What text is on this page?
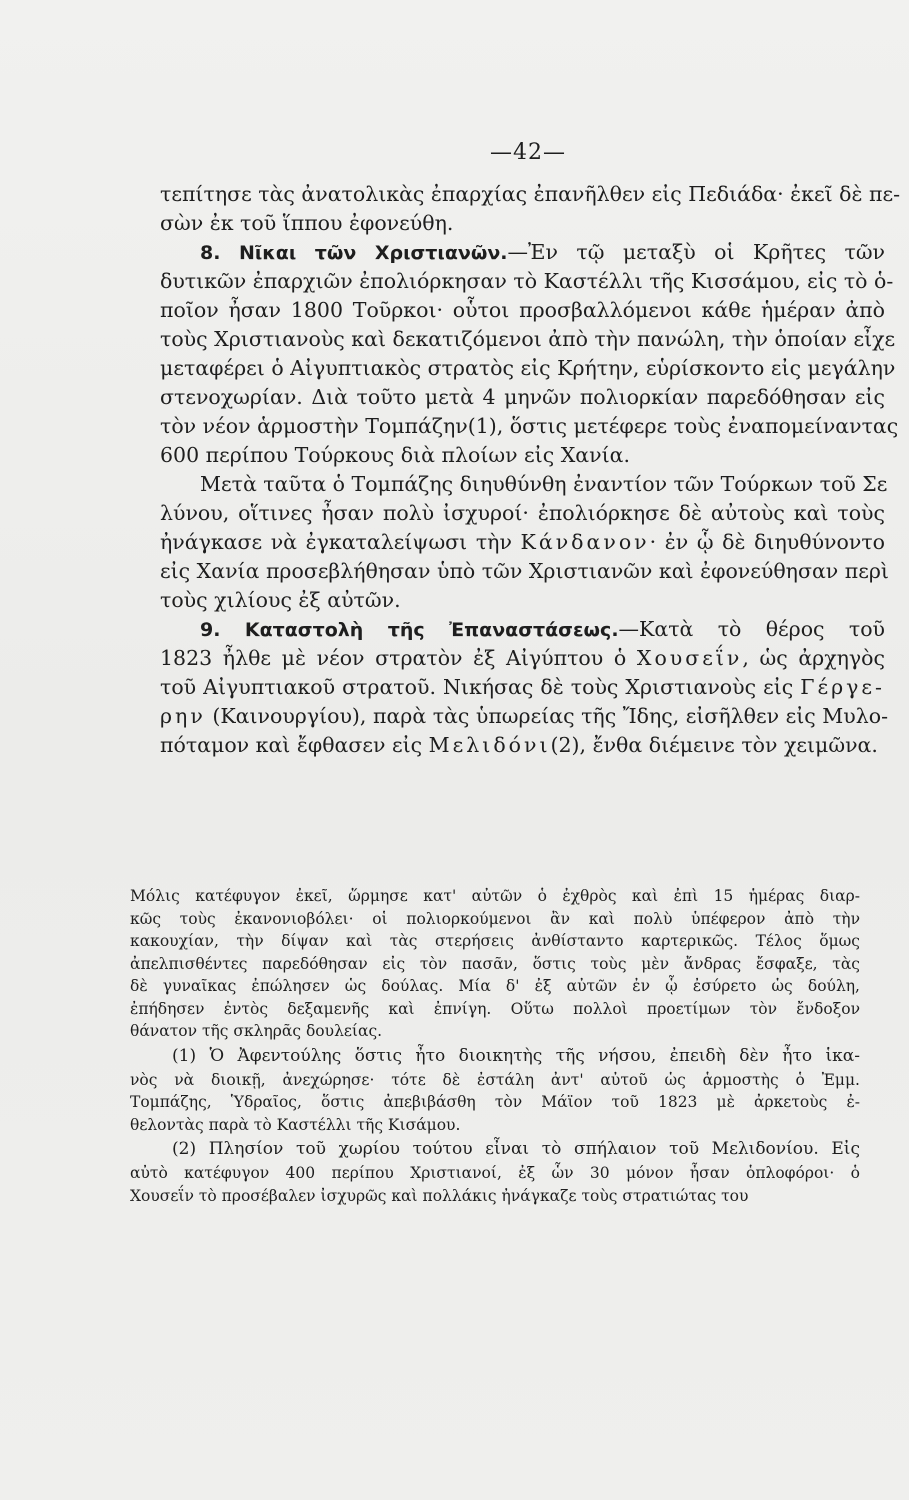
—42—
τεπίτησε τὰς ἀνατολικὰς ἐπαρχίας ἐπανῆλθεν εἰς Πεδιάδα· ἐκεῖ δὲ πε-
σὼν ἐκ τοῦ ἵππου ἐφονεύθη.
8. Νῖκαι τῶν Χριστιανῶν.—Ἐν τῷ μεταξὺ οἱ Κρῆτες τῶν
δυτικῶν ἐπαρχιῶν ἐπολιόρκησαν τὸ Καστέλλι τῆς Κισσάμου, εἰς τὸ ὁ-
ποῖον ἦσαν 1800 Τοῦρκοι· οὗτοι προσβαλλόμενοι κάθε ἡμέραν ἀπὸ
τοὺς Χριστιανοὺς καὶ δεκατιζόμενοι ἀπὸ τὴν πανώλη, τὴν ὁποίαν εἶχε
μεταφέρει ὁ Αἰγυπτιακὸς στρατὸς εἰς Κρήτην, εὑρίσκοντο εἰς μεγάλην
στενοχωρίαν. Διὰ τοῦτο μετὰ 4 μηνῶν πολιορκίαν παρεδόθησαν εἰς
τὸν νέον ἁρμοστὴν Τομπάζην(1), ὅστις μετέφερε τοὺς ἐναπομείναντας
600 περίπου Τούρκους διὰ πλοίων εἰς Χανία.
Μετὰ ταῦτα ὁ Τομπάζης διηυθύνθη ἐναντίον τῶν Τούρκων τοῦ Σε
λύνου, οἵτινες ἦσαν πολὺ ἰσχυροί· ἐπολιόρκησε δὲ αὐτοὺς καὶ τοὺς
ἠνάγκασε νὰ ἐγκαταλείψωσι τὴν Κάνδανον· ἐν ᾧ δὲ διηυθύνοντο
εἰς Χανία προσεβλήθησαν ὑπὸ τῶν Χριστιανῶν καὶ ἐφονεύθησαν περὶ
τοὺς χιλίους ἐξ αὐτῶν.
9. Καταστολὴ τῆς Ἐπαναστάσεως.—Κατὰ τὸ θέρος τοῦ
1823 ἦλθε μὲ νέον στρατὸν ἐξ Αἰγύπτου ὁ Χουσεΐν, ὡς ἀρχηγὸς
τοῦ Αἰγυπτιακοῦ στρατοῦ. Νικήσας δὲ τοὺς Χριστιανοὺς εἰς Γέργε-
ρην (Καινουργίου), παρὰ τὰς ὑπωρείας τῆς Ἴδης, εἰσῆλθεν εἰς Μυλο-
πόταμον καὶ ἔφθασεν εἰς Μελιδόνι(2), ἔνθα διέμεινε τὸν χειμῶνα.
Μόλις κατέφυγον ἐκεῖ, ὥρμησε κατ' αὐτῶν ὁ ἐχθρὸς καὶ ἐπὶ 15 ἡμέρας διαρ-
κῶς τοὺς ἐκανονιοβόλει· οἱ πολιορκούμενοι ἂν καὶ πολὺ ὑπέφερον ἀπὸ τὴν
κακουχίαν, τὴν δίψαν καὶ τὰς στερήσεις ἀνθίσταντο καρτερικῶς. Τέλος ὅμως
ἀπελπισθέντες παρεδόθησαν εἰς τὸν πασᾶν, ὅστις τοὺς μὲν ἄνδρας ἔσφαξε, τὰς
δὲ γυναῖκας ἐπώλησεν ὡς δούλας. Μία δ' ἐξ αὐτῶν ἐν ᾧ ἐσύρετο ὡς δούλη,
ἐπήδησεν ἐντὸς δεξαμενῆς καὶ ἐπνίγη. Οὕτω πολλοὶ προετίμων τὸν ἔνδοξον
θάνατον τῆς σκληρᾶς δουλείας.
(1) Ὁ Ἀφεντούλης ὅστις ἦτο διοικητὴς τῆς νήσου, ἐπειδὴ δὲν ἦτο ἱκα-
νὸς νὰ διοικῇ, ἀνεχώρησε· τότε δὲ ἐστάλη ἀντ' αὐτοῦ ὡς ἁρμοστὴς ὁ Ἐμμ.
Τομπάζης, Ὑδραῖος, ὅστις ἀπεβιβάσθη τὸν Μάϊον τοῦ 1823 μὲ ἀρκετοὺς ἐ-
θελοντὰς παρὰ τὸ Καστέλλι τῆς Κισάμου.
(2) Πλησίον τοῦ χωρίου τούτου εἶναι τὸ σπήλαιον τοῦ Μελιδονίου. Εἰς
αὐτὸ κατέφυγον 400 περίπου Χριστιανοί, ἐξ ὧν 30 μόνον ἦσαν ὁπλοφόροι· ὁ
Χουσεΐν τὸ προσέβαλεν ἰσχυρῶς καὶ πολλάκις ἠνάγκαζε τοὺς στρατιώτας του
